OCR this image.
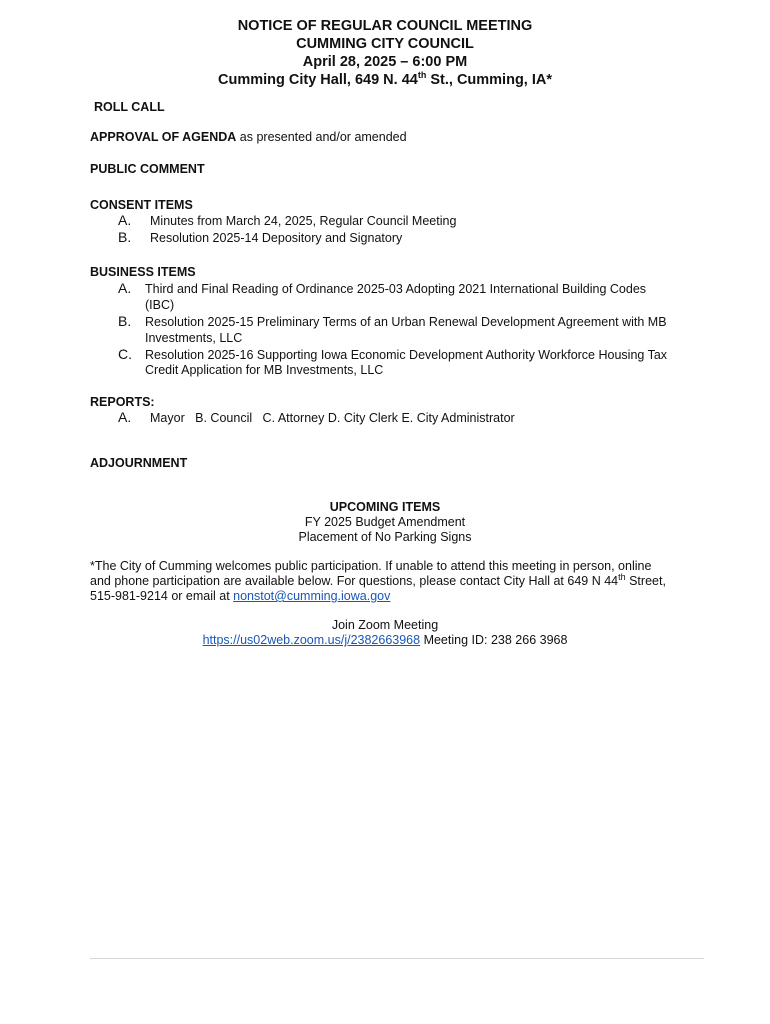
NOTICE OF REGULAR COUNCIL MEETING
CUMMING CITY COUNCIL
April 28, 2025 – 6:00 PM
Cumming City Hall, 649 N. 44th St., Cumming, IA*
ROLL CALL
APPROVAL OF AGENDA as presented and/or amended
PUBLIC COMMENT
CONSENT ITEMS
A. Minutes from March 24, 2025, Regular Council Meeting
B. Resolution 2025-14 Depository and Signatory
BUSINESS ITEMS
A. Third and Final Reading of Ordinance 2025-03 Adopting 2021 International Building Codes
(IBC)
B. Resolution 2025-15 Preliminary Terms of an Urban Renewal Development Agreement with MB
Investments, LLC
C. Resolution 2025-16 Supporting Iowa Economic Development Authority Workforce Housing Tax
Credit Application for MB Investments, LLC
REPORTS:
A. Mayor   B. Council   C. Attorney D. City Clerk E. City Administrator
ADJOURNMENT
UPCOMING ITEMS
FY 2025 Budget Amendment
Placement of No Parking Signs
*The City of Cumming welcomes public participation. If unable to attend this meeting in person, online
and phone participation are available below. For questions, please contact City Hall at 649 N 44th Street,
515-981-9214 or email at nonstot@cumming.iowa.gov
Join Zoom Meeting
https://us02web.zoom.us/j/2382663968 Meeting ID: 238 266 3968
